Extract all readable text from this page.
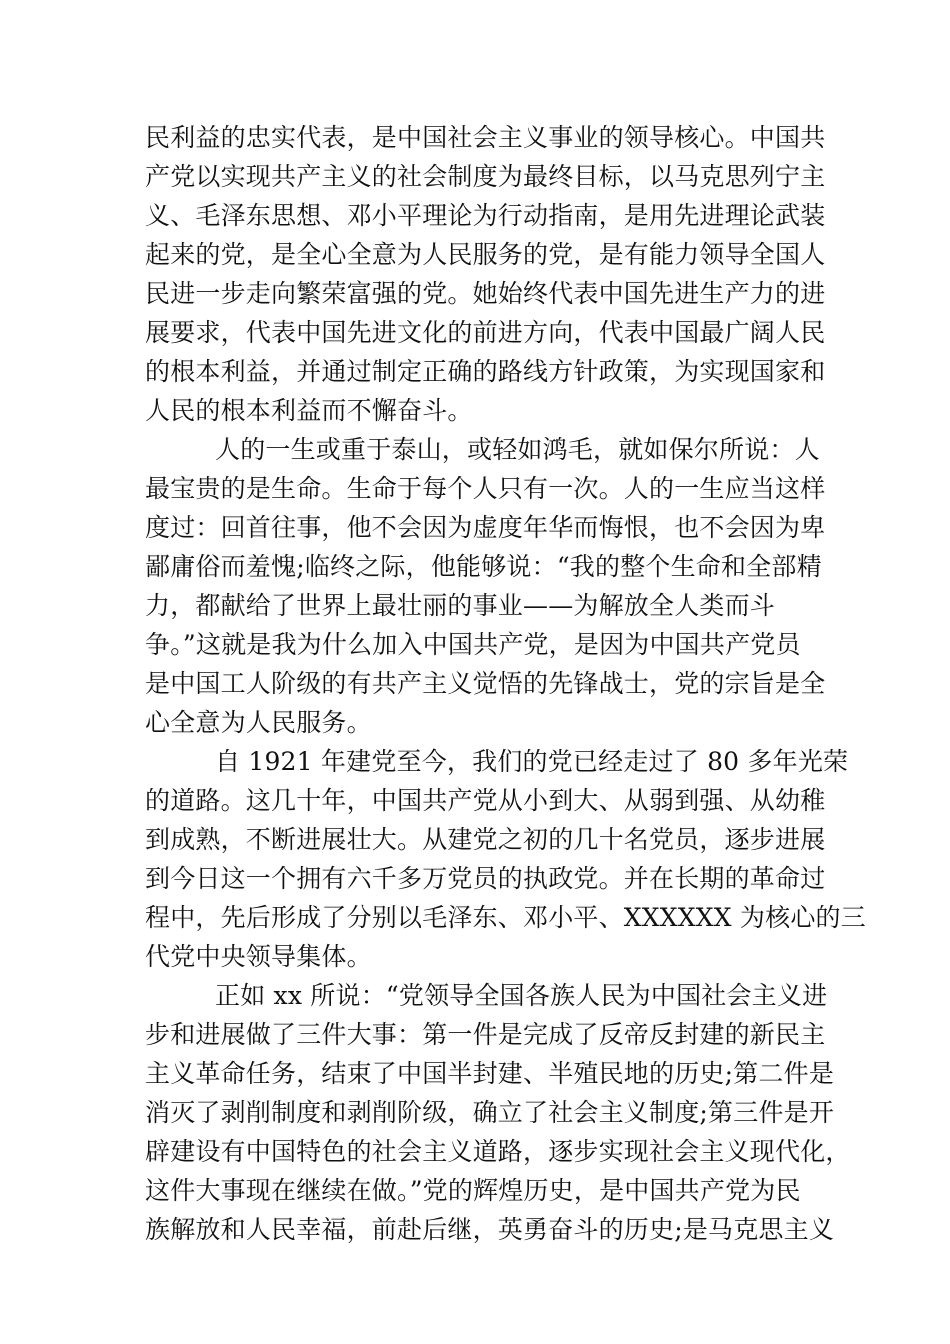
民利益的忠实代表，是中国社会主义事业的领导核心。中国共
产党以实现共产主义的社会制度为最终目标，以马克思列宁主
义、毛泽东思想、邓小平理论为行动指南，是用先进理论武装
起来的党，是全心全意为人民服务的党，是有能力领导全国人
民进一步走向繁荣富强的党。她始终代表中国先进生产力的进
展要求，代表中国先进文化的前进方向，代表中国最广阔人民
的根本利益，并通过制定正确的路线方针政策，为实现国家和
人民的根本利益而不懈奋斗。

人的一生或重于泰山，或轻如鸿毛，就如保尔所说：人
最宝贵的是生命。生命于每个人只有一次。人的一生应当这样
度过：回首往事，他不会因为虚度年华而悔恨，也不会因为卑
鄙庸俗而羞愧;临终之际，他能够说：“我的整个生命和全部精
力，都献给了世界上最壮丽的事业——为解放全人类而斗
争。”这就是我为什么加入中国共产党，是因为中国共产党员
是中国工人阶级的有共产主义觉悟的先锋战士，党的宗旨是全
心全意为人民服务。

自 1921 年建党至今，我们的党已经走过了 80 多年光荣
的道路。这几十年，中国共产党从小到大、从弱到强、从幼稚
到成熟，不断进展壮大。从建党之初的几十名党员，逐步进展
到今日这一个拥有六千多万党员的执政党。并在长期的革命过
程中，先后形成了分别以毛泽东、邓小平、XXXXXX 为核心的三
代党中央领导集体。

正如 xx 所说：“党领导全国各族人民为中国社会主义进
步和进展做了三件大事：第一件是完成了反帝反封建的新民主
主义革命任务，结束了中国半封建、半殖民地的历史;第二件是
消灭了剥削制度和剥削阶级，确立了社会主义制度;第三件是开
辟建设有中国特色的社会主义道路，逐步实现社会主义现代化，
这件大事现在继续在做。”党的辉煌历史，是中国共产党为民
族解放和人民幸福，前赴后继，英勇奋斗的历史;是马克思主义
